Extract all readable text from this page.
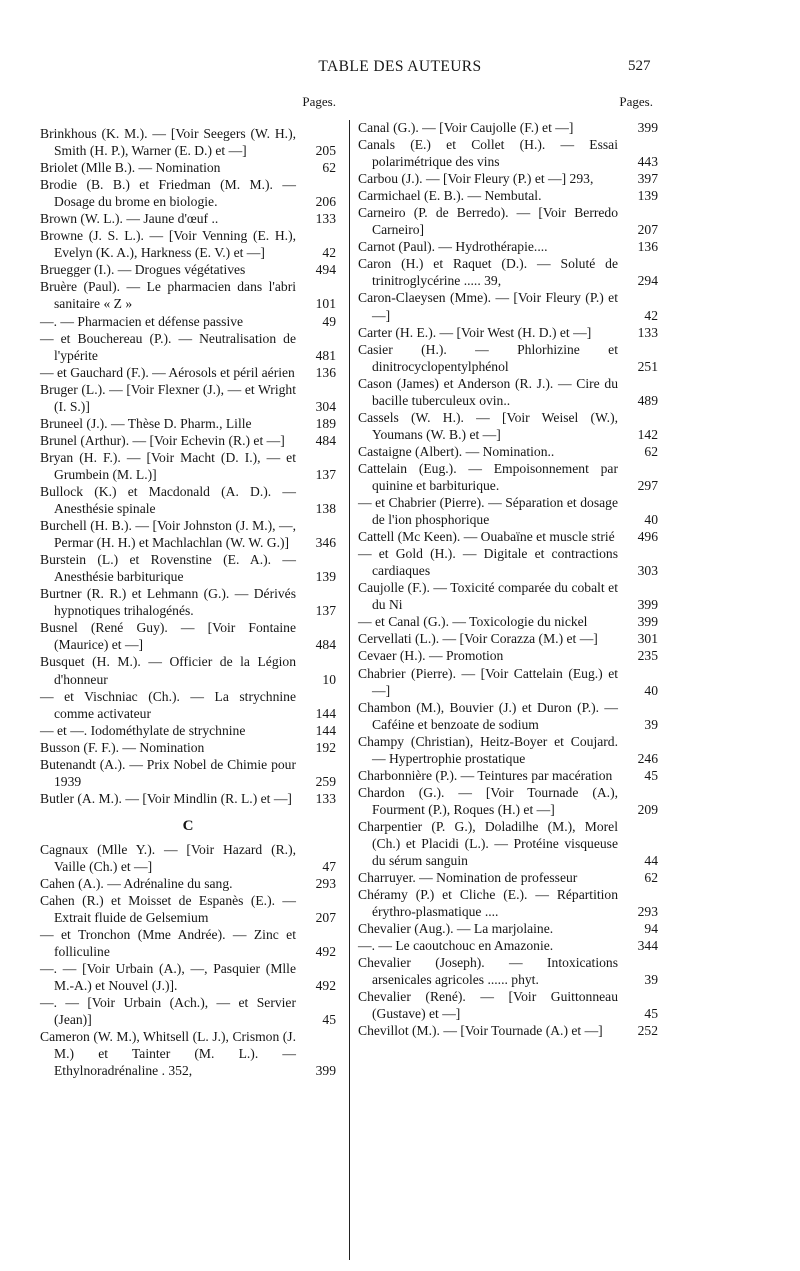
TABLE DES AUTEURS	527
Pages.
Brinkhous (K. M.). — [Voir Seegers (W. H.), Smith (H. P.), Warner (E. D.) et —]	205
Briolet (Mlle B.). — Nomination	62
Brodie (B. B.) et Friedman (M. M.). — Dosage du brome en biologie.	206
Brown (W. L.). — Jaune d'œuf ..	133
Browne (J. S. L.). — [Voir Venning (E. H.), Evelyn (K. A.), Harkness (E. V.) et —]	42
Bruegger (I.). — Drogues végétatives	494
Bruère (Paul). — Le pharmacien dans l'abri sanitaire « Z »	101
—. — Pharmacien et défense passive	49
— et Bouchereau (P.). — Neutralisation de l'ypérite	481
— et Gauchard (F.). — Aérosols et péril aérien	136
Bruger (L.). — [Voir Flexner (J.), — et Wright (I. S.)]	304
Bruneel (J.). — Thèse D. Pharm., Lille	189
Brunel (Arthur). — [Voir Echevin (R.) et —]	484
Bryan (H. F.). — [Voir Macht (D. I.), — et Grumbein (M. L.)]	137
Bullock (K.) et Macdonald (A. D.). — Anesthésie spinale	138
Burchell (H. B.). — [Voir Johnston (J. M.), —, Permar (H. H.) et Machlachlan (W. W. G.)]	346
Burstein (L.) et Rovenstine (E. A.). — Anesthésie barbiturique	139
Burtner (R. R.) et Lehmann (G.). — Dérivés hypnotiques trihalogénés.	137
Busnel (René Guy). — [Voir Fontaine (Maurice) et —]	484
Busquet (H. M.). — Officier de la Légion d'honneur	10
— et Vischniac (Ch.). — La strychnine comme activateur	144
— et —. Iodométhylate de strychnine	144
Busson (F. F.). — Nomination	192
Butenandt (A.). — Prix Nobel de Chimie pour 1939	259
Butler (A. M.). — [Voir Mindlin (R. L.) et —]	133
C
Cagnaux (Mlle Y.). — [Voir Hazard (R.), Vaille (Ch.) et —]	47
Cahen (A.). — Adrénaline du sang.	293
Cahen (R.) et Moisset de Espanès (E.). — Extrait fluide de Gelsemium	207
— et Tronchon (Mme Andrée). — Zinc et folliculine	492
—. — [Voir Urbain (A.), —, Pasquier (Mlle M.-A.) et Nouvel (J.)].	492
—. — [Voir Urbain (Ach.), — et Servier (Jean)]	45
Cameron (W. M.), Whitsell (L. J.), Crismon (J. M.) et Tainter (M. L.). — Ethylnoradrénaline . 352,	399
Pages.
Canal (G.). — [Voir Caujolle (F.) et —]	399
Canals (E.) et Collet (H.). — Essai polarimétrique des vins	443
Carbou (J.). — [Voir Fleury (P.) et —] 293,	397
Carmichael (E. B.). — Nembutal.	139
Carneiro (P. de Berredo). — [Voir Berredo Carneiro]	207
Carnot (Paul). — Hydrothérapie....	136
Caron (H.) et Raquet (D.). — Soluté de trinitroglycérine ..... 39,	294
Caron-Claeysen (Mme). — [Voir Fleury (P.) et —]	42
Carter (H. E.). — [Voir West (H. D.) et —]	133
Casier (H.). — Phlorhizine et dinitrocyclopentylphénol	251
Cason (James) et Anderson (R. J.). — Cire du bacille tuberculeux ovin..	489
Cassels (W. H.). — [Voir Weisel (W.), Youmans (W. B.) et —]	142
Castaigne (Albert). — Nomination..	62
Cattelain (Eug.). — Empoisonnement par quinine et barbiturique.	297
— et Chabrier (Pierre). — Séparation et dosage de l'ion phosphorique	40
Cattell (Mc Keen). — Ouabaïne et muscle strié	496
— et Gold (H.). — Digitale et contractions cardiaques	303
Caujolle (F.). — Toxicité comparée du cobalt et du Ni	399
— et Canal (G.). — Toxicologie du nickel	399
Cervellati (L.). — [Voir Corazza (M.) et —]	301
Cevaer (H.). — Promotion	235
Chabrier (Pierre). — [Voir Cattelain (Eug.) et —]	40
Chambon (M.), Bouvier (J.) et Duron (P.). — Caféine et benzoate de sodium	39
Champy (Christian), Heitz-Boyer et Coujard. — Hypertrophie prostatique	246
Charbonnière (P.). — Teintures par macération	45
Chardon (G.). — [Voir Tournade (A.), Fourment (P.), Roques (H.) et —]	209
Charpentier (P. G.), Doladilhe (M.), Morel (Ch.) et Placidi (L.). — Protéine visqueuse du sérum sanguin	44
Charruyer. — Nomination de professeur	62
Chéramy (P.) et Cliche (E.). — Répartition érythro-plasmatique ....	293
Chevalier (Aug.). — La marjolaine.	94
—. — Le caoutchouc en Amazonie.	344
Chevalier (Joseph). — Intoxications arsenicales agricoles ...... phyt.	39
Chevalier (René). — [Voir Guittonneau (Gustave) et —]	45
Chevillot (M.). — [Voir Tournade (A.) et —]	252
